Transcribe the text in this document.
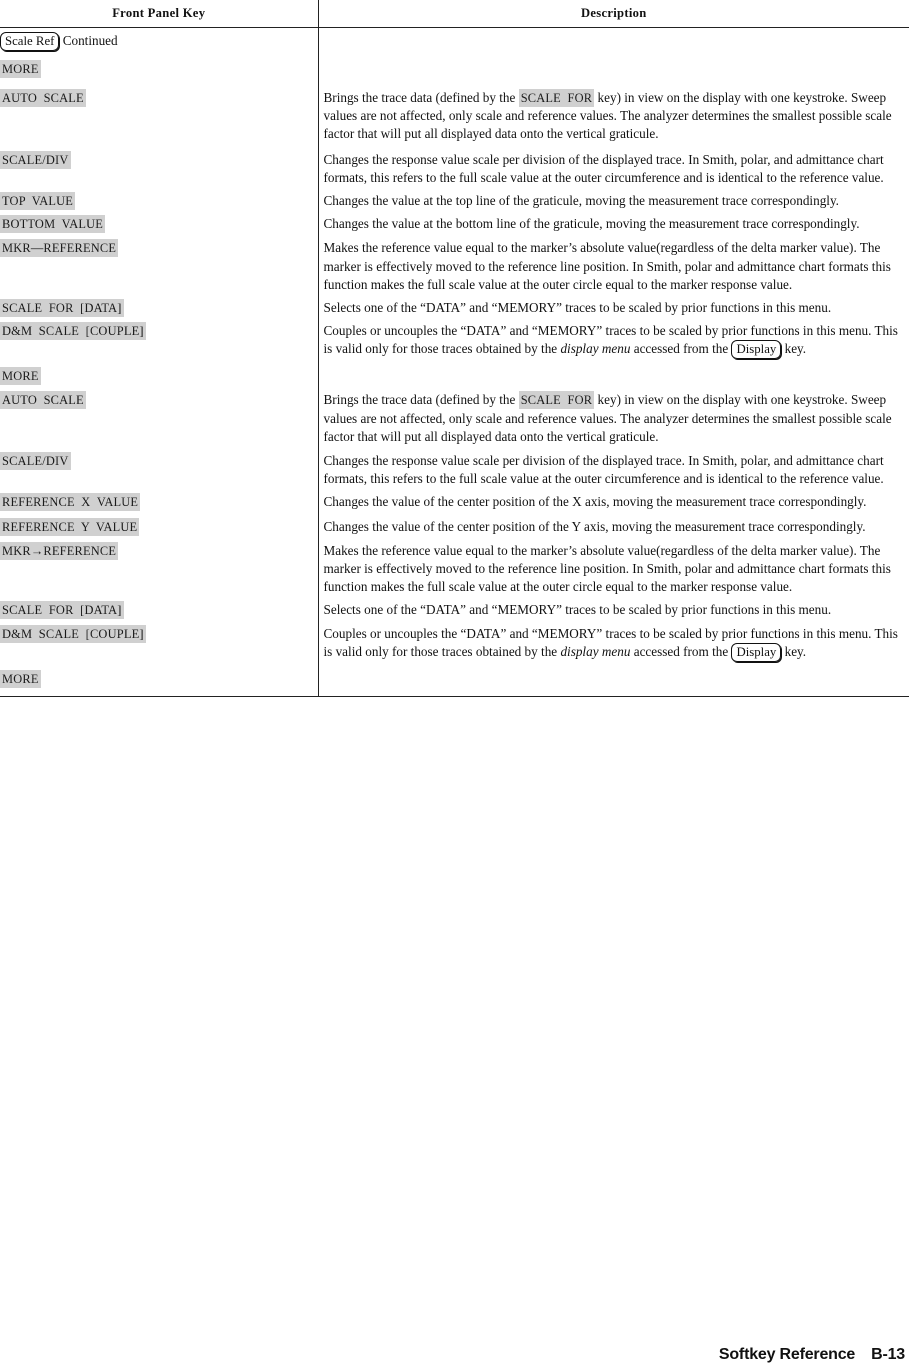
Front Panel Key	Description
Scale Ref Continued	
MORE	
AUTO  SCALE	Brings the trace data (defined by the SCALE  FOR key) in view on the display with one keystroke. Sweep values are not affected, only scale and reference values. The analyzer determines the smallest possible scale factor that will put all displayed data onto the vertical graticule.
SCALE/DIV	Changes the response value scale per division of the displayed trace. In Smith, polar, and admittance chart formats, this refers to the full scale value at the outer circumference and is identical to the reference value.
TOP  VALUE	Changes the value at the top line of the graticule, moving the measurement trace correspondingly.
BOTTOM  VALUE	Changes the value at the bottom line of the graticule, moving the measurement trace correspondingly.
MKR—REFERENCE	Makes the reference value equal to the marker’s absolute value(regardless of the delta marker value). The marker is effectively moved to the reference line position. In Smith, polar and admittance chart formats this function makes the full scale value at the outer circle equal to the marker response value.
SCALE  FOR  [DATA]	Selects one of the “DATA” and “MEMORY” traces to be scaled by prior functions in this menu.
D&M  SCALE  [COUPLE]	Couples or uncouples the “DATA” and “MEMORY” traces to be scaled by prior functions in this menu. This is valid only for those traces obtained by the display menu accessed from the Display key.
MORE	
AUTO  SCALE	Brings the trace data (defined by the SCALE  FOR key) in view on the display with one keystroke. Sweep values are not affected, only scale and reference values. The analyzer determines the smallest possible scale factor that will put all displayed data onto the vertical graticule.
SCALE/DIV	Changes the response value scale per division of the displayed trace. In Smith, polar, and admittance chart formats, this refers to the full scale value at the outer circumference and is identical to the reference value.
REFERENCE  X  VALUE	Changes the value of the center position of the X axis, moving the measurement trace correspondingly.
REFERENCE  Y  VALUE	Changes the value of the center position of the Y axis, moving the measurement trace correspondingly.
MKR→REFERENCE	Makes the reference value equal to the marker’s absolute value(regardless of the delta marker value). The marker is effectively moved to the reference line position. In Smith, polar and admittance chart formats this function makes the full scale value at the outer circle equal to the marker response value.
SCALE  FOR  [DATA]	Selects one of the “DATA” and “MEMORY” traces to be scaled by prior functions in this menu.
D&M  SCALE  [COUPLE]	Couples or uncouples the “DATA” and “MEMORY” traces to be scaled by prior functions in this menu. This is valid only for those traces obtained by the display menu accessed from the Display key.
MORE	
Softkey Reference B-13
